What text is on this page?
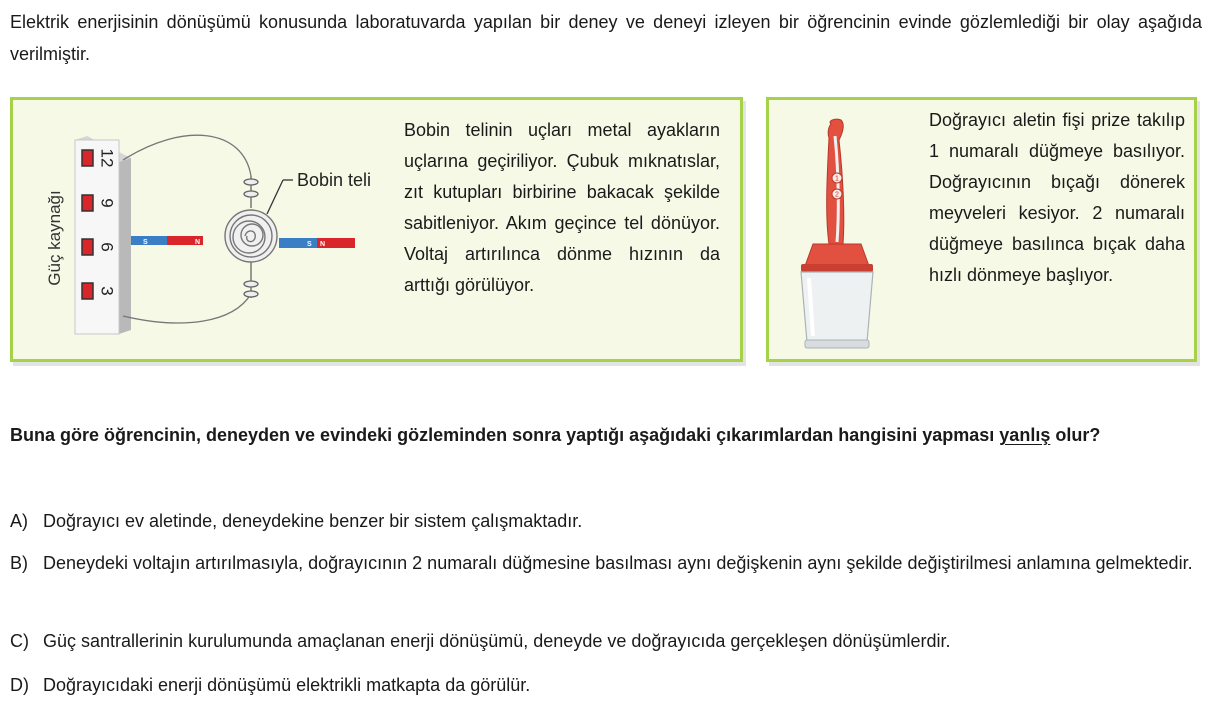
Elektrik enerjisinin dönüşümü konusunda laboratuvarda yapılan bir deney ve deneyi izleyen bir öğrencinin evinde gözlemlediği bir olay aşağıda verilmiştir.
Güç kaynağı
3
6
9
12
Bobin teli
S	N	S N
Bobin telinin uçları metal ayakların uçlarına geçiriliyor. Çubuk mıknatıslar, zıt kutupları birbirine bakacak şekilde sabitleniyor. Akım geçince tel dönüyor. Voltaj artırılınca dönme hızının da arttığı görülüyor.
1
2
Doğrayıcı aletin fişi prize takılıp 1 numaralı düğmeye basılıyor. Doğrayıcının bıçağı dönerek meyveleri kesiyor. 2 numaralı düğmeye basılınca bıçak daha hızlı dönmeye başlıyor.
Buna göre öğrencinin, deneyden ve evindeki gözleminden sonra yaptığı aşağıdaki çıkarımlardan hangisini yapması yanlış olur?
A) Doğrayıcı ev aletinde, deneydekine benzer bir sistem çalışmaktadır.
B) Deneydeki voltajın artırılmasıyla, doğrayıcının 2 numaralı düğmesine basılması aynı değişkenin aynı şekilde değiştirilmesi anlamına gelmektedir.
C) Güç santrallerinin kurulumunda amaçlanan enerji dönüşümü, deneyde ve doğrayıcıda gerçekleşen dönüşümlerdir.
D) Doğrayıcıdaki enerji dönüşümü elektrikli matkapta da görülür.
